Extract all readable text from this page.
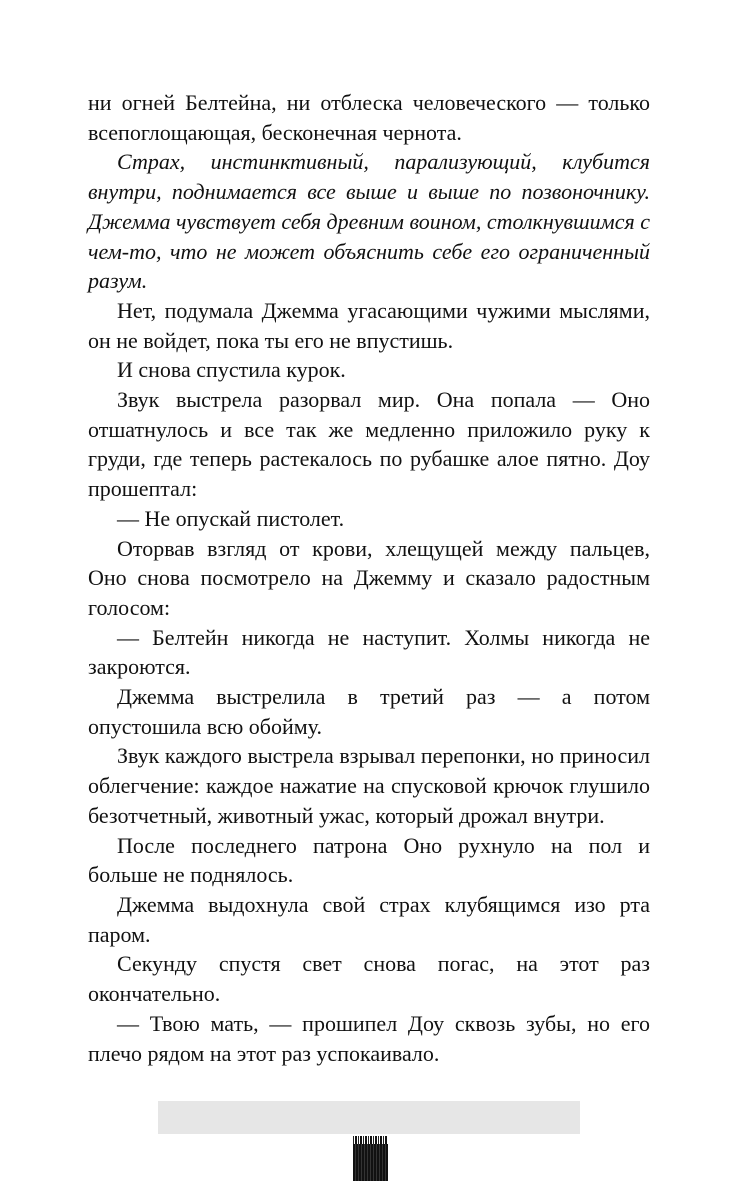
ни огней Белтейна, ни отблеска человеческого — только всепоглощающая, бесконечная чернота.

Страх, инстинктивный, парализующий, клубится внутри, поднимается все выше и выше по позвоночнику. Джемма чувствует себя древним воином, столкнувшимся с чем-то, что не может объяснить себе его ограниченный разум.

Нет, подумала Джемма угасающими чужими мыслями, он не войдет, пока ты его не впустишь.

И снова спустила курок.

Звук выстрела разорвал мир. Она попала — Оно отшатнулось и все так же медленно приложило руку к груди, где теперь растекалось по рубашке алое пятно. Доу прошептал:

— Не опускай пистолет.

Оторвав взгляд от крови, хлещущей между пальцев, Оно снова посмотрело на Джемму и сказало радостным голосом:

— Белтейн никогда не наступит. Холмы никогда не закроются.

Джемма выстрелила в третий раз — а потом опустошила всю обойму.

Звук каждого выстрела взрывал перепонки, но приносил облегчение: каждое нажатие на спусковой крючок глушило безотчетный, животный ужас, который дрожал внутри.

После последнего патрона Оно рухнуло на пол и больше не поднялось.

Джемма выдохнула свой страх клубящимся изо рта паром.

Секунду спустя свет снова погас, на этот раз окончательно.

— Твою мать, — прошипел Доу сквозь зубы, но его плечо рядом на этот раз успокаивало.
